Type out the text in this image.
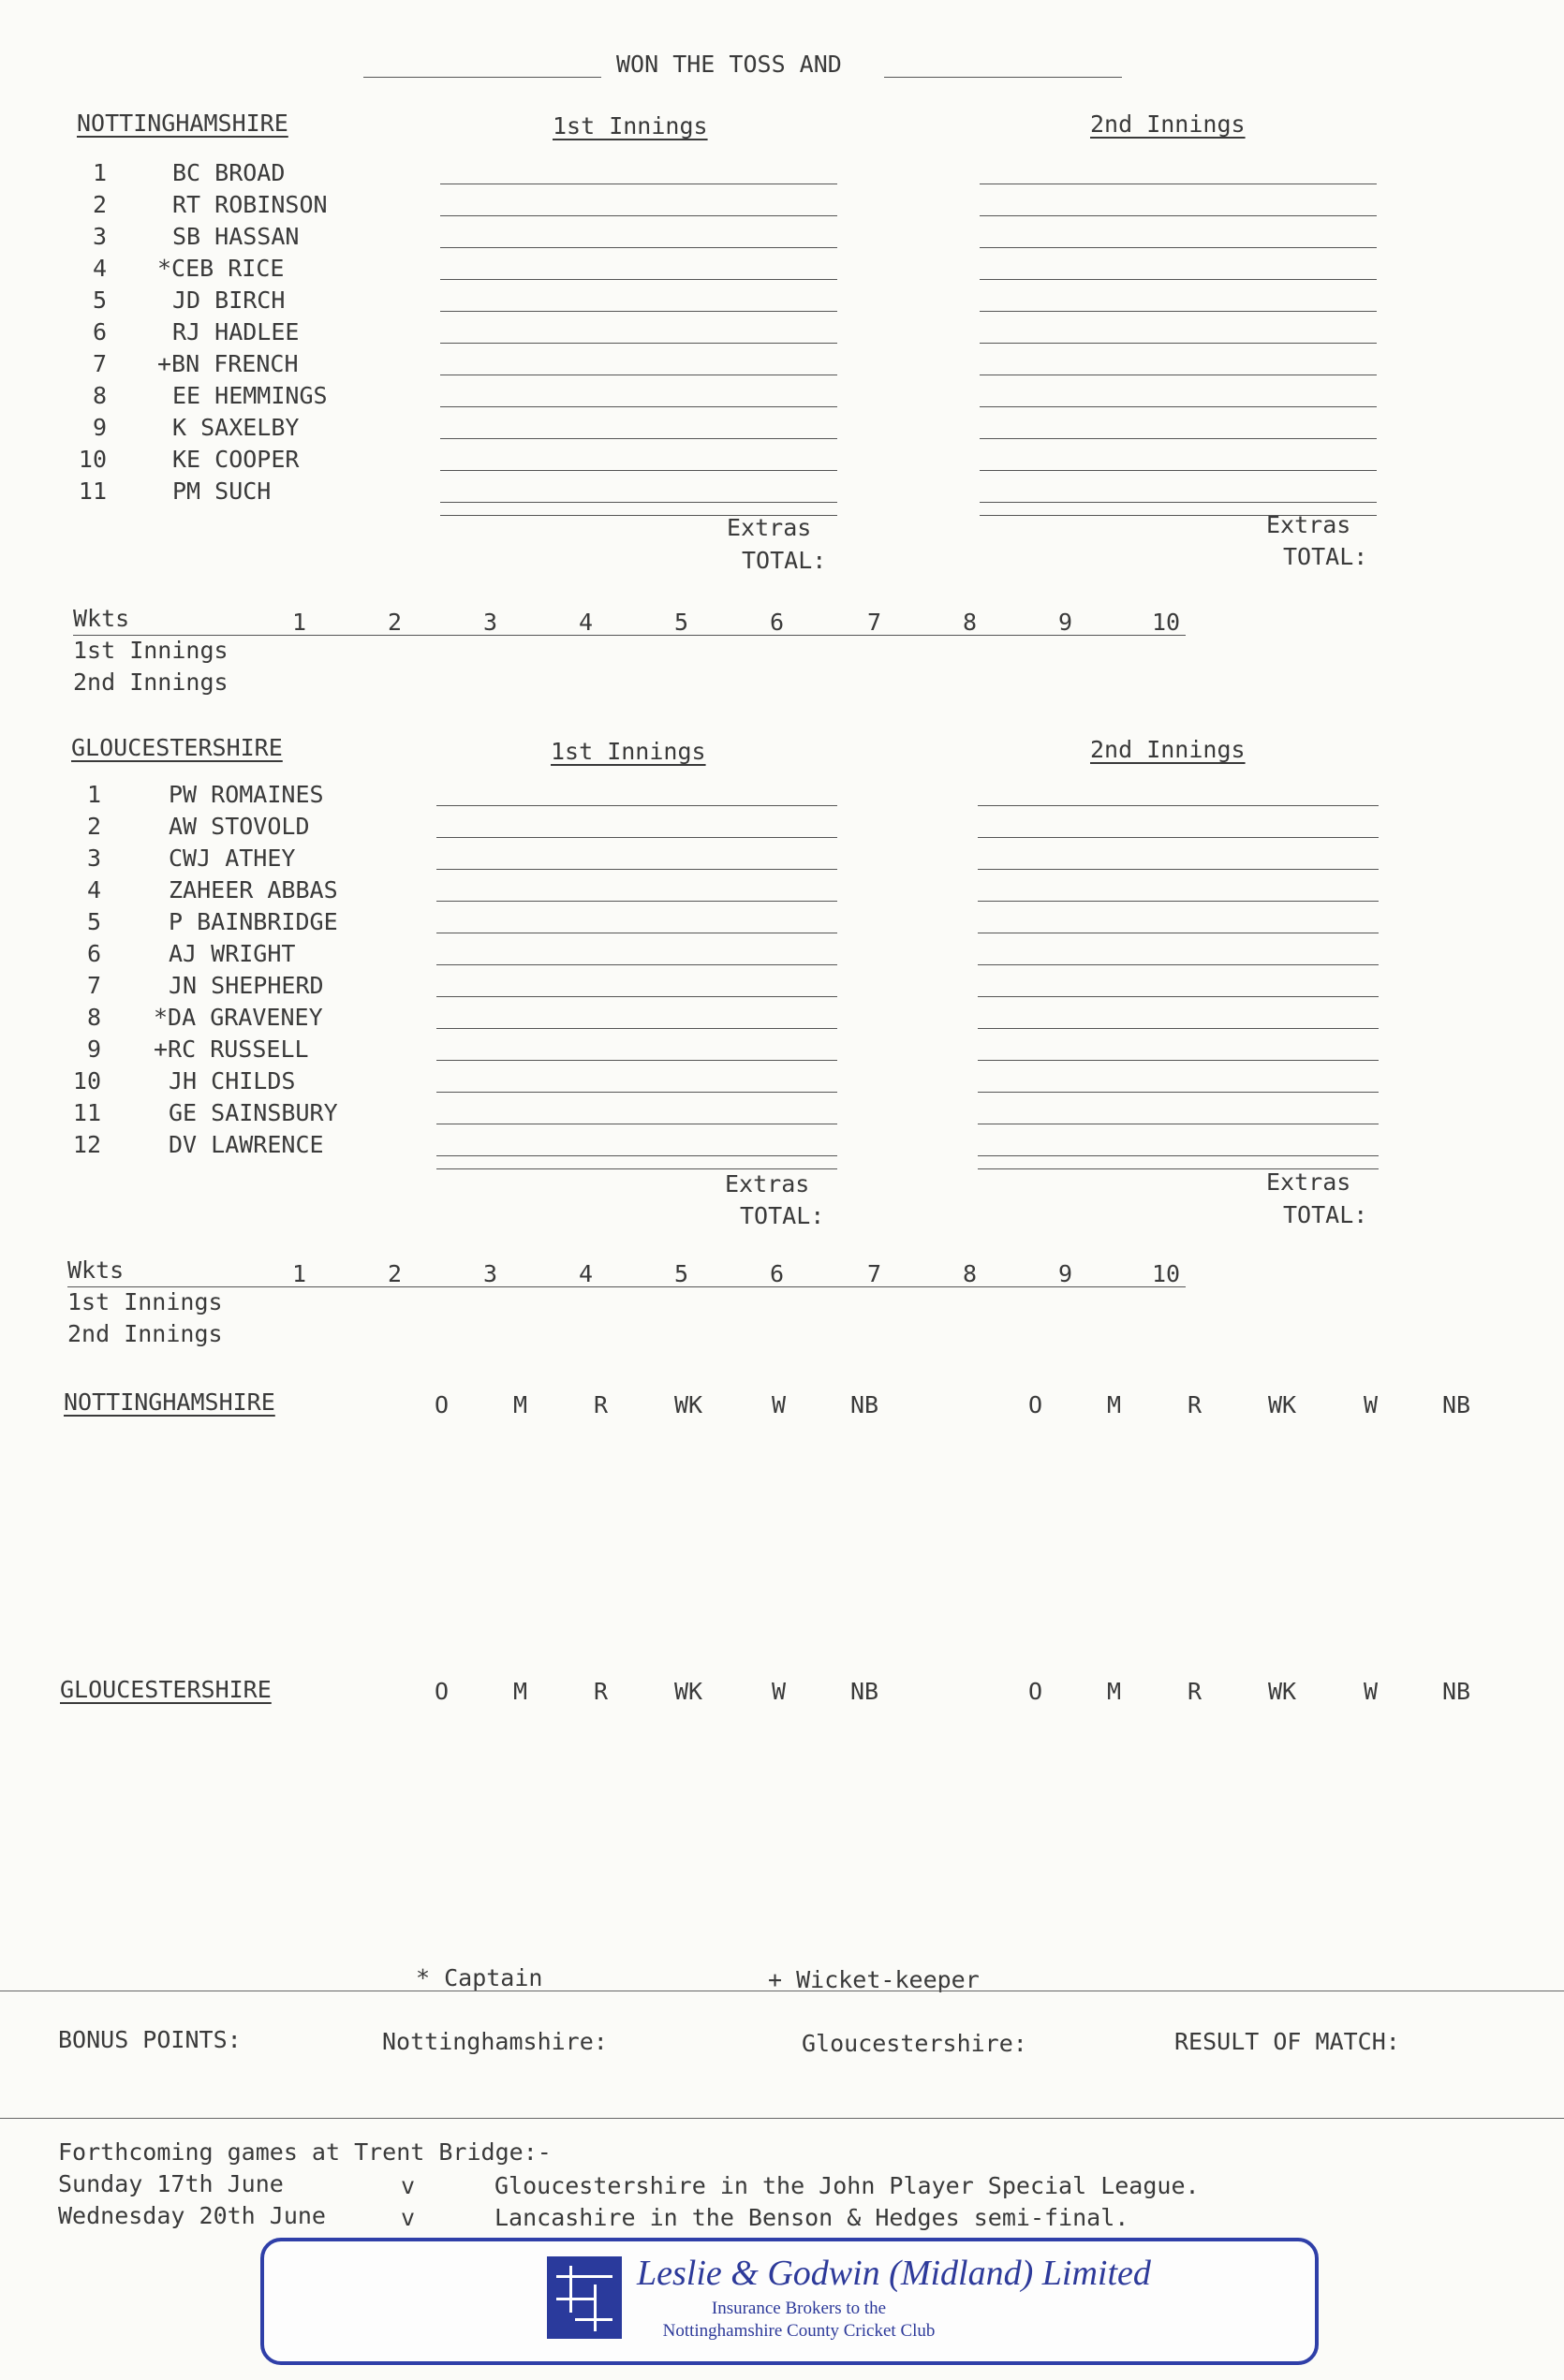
WON THE TOSS AND
NOTTINGHAMSHIRE	1st Innings	2nd Innings
1	BC BROAD
2	RT ROBINSON
3	SB HASSAN
4 *CEB RICE
5	JD BIRCH
6	RJ HADLEE
7 +BN FRENCH
8	EE HEMMINGS
9	K SAXELBY
10	KE COOPER
11	PM SUCH
Extras
TOTAL:
Extras
TOTAL:
Wkts	1	2	3	4	5	6	7	8	9	10
1st Innings
2nd Innings
GLOUCESTERSHIRE	1st Innings	2nd Innings
1	PW ROMAINES
2	AW STOVOLD
3	CWJ ATHEY
4	ZAHEER ABBAS
5	P BAINBRIDGE
6	AJ WRIGHT
7	JN SHEPHERD
8 *DA GRAVENEY
9 +RC RUSSELL
10	JH CHILDS
11	GE SAINSBURY
12	DV LAWRENCE
Extras
TOTAL:
Extras
TOTAL:
Wkts	1	2	3	4	5	6	7	8	9	10
1st Innings
2nd Innings
NOTTINGHAMSHIRE	O	M	R	WK	W	NB	O	M	R	WK	W	NB
GLOUCESTERSHIRE	O	M	R	WK	W	NB	O	M	R	WK	W	NB
* Captain	+ Wicket-keeper
BONUS POINTS:	Nottinghamshire:	Gloucestershire:	RESULT OF MATCH:
Forthcoming games at Trent Bridge:-
Sunday 17th June	v	Gloucestershire in the John Player Special League.
Wednesday 20th June	v	Lancashire in the Benson & Hedges semi-final.
Leslie & Godwin (Midland) Limited
Insurance Brokers to the
Nottinghamshire County Cricket Club
